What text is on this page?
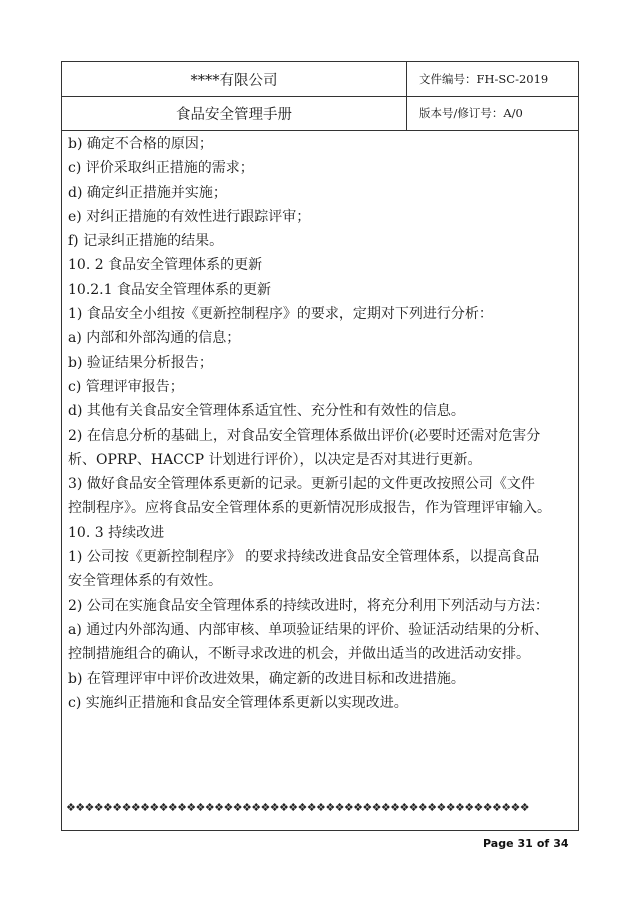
****有限公司	文件编号：FH-SC-2019
食品安全管理手册	版本号/修订号：A/0
b) 确定不合格的原因；
c) 评价采取纠正措施的需求；
d) 确定纠正措施并实施；
e) 对纠正措施的有效性进行跟踪评审；
f) 记录纠正措施的结果。
10. 2 食品安全管理体系的更新
10.2.1 食品安全管理体系的更新
1) 食品安全小组按《更新控制程序》的要求，定期对下列进行分析：
a) 内部和外部沟通的信息；
b) 验证结果分析报告；
c) 管理评审报告；
d) 其他有关食品安全管理体系适宜性、充分性和有效性的信息。
2) 在信息分析的基础上，对食品安全管理体系做出评价(必要时还需对危害分
析、OPRP、HACCP 计划进行评价），以决定是否对其进行更新。
3) 做好食品安全管理体系更新的记录。更新引起的文件更改按照公司《文件
控制程序》。应将食品安全管理体系的更新情况形成报告，作为管理评审输入。
10. 3 持续改进
1) 公司按《更新控制程序》 的要求持续改进食品安全管理体系，以提高食品
安全管理体系的有效性。
2) 公司在实施食品安全管理体系的持续改进时，将充分利用下列活动与方法：
a) 通过内外部沟通、内部审核、单项验证结果的评价、验证活动结果的分析、
控制措施组合的确认，不断寻求改进的机会，并做出适当的改进活动安排。
b) 在管理评审中评价改进效果，确定新的改进目标和改进措施。
c) 实施纠正措施和食品安全管理体系更新以实现改进。
❖❖❖❖❖❖❖❖❖❖❖❖❖❖❖❖❖❖❖❖❖❖❖❖❖❖❖❖❖❖❖❖❖❖❖❖❖❖❖❖❖❖❖❖❖❖❖❖❖❖
Page 31 of 34
